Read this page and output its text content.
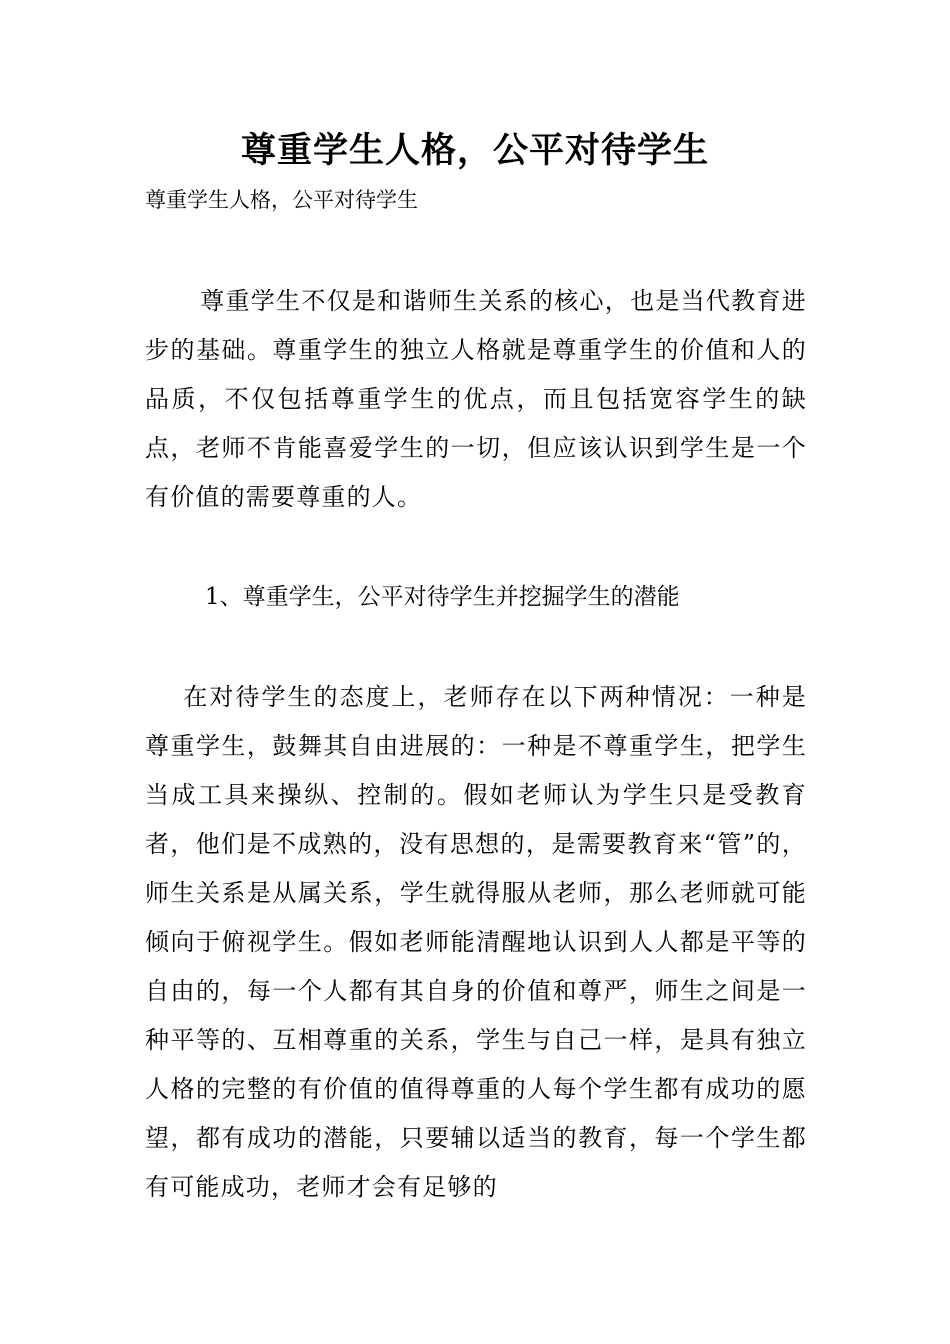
尊重学生人格，公平对待学生
尊重学生人格，公平对待学生

尊重学生不仅是和谐师生关系的核心，也是当代教育进步的基础。尊重学生的独立人格就是尊重学生的价值和人的品质，不仅包括尊重学生的优点，而且包括宽容学生的缺点，老师不肯能喜爱学生的一切，但应该认识到学生是一个有价值的需要尊重的人。

1、尊重学生，公平对待学生并挖掘学生的潜能

在对待学生的态度上，老师存在以下两种情况：一种是尊重学生，鼓舞其自由进展的：一种是不尊重学生，把学生当成工具来操纵、控制的。假如老师认为学生只是受教育者，他们是不成熟的，没有思想的，是需要教育来“管”的，师生关系是从属关系，学生就得服从老师，那么老师就可能倾向于俯视学生。假如老师能清醒地认识到人人都是平等的自由的，每一个人都有其自身的价值和尊严，师生之间是一种平等的、互相尊重的关系，学生与自己一样，是具有独立人格的完整的有价值的值得尊重的人每个学生都有成功的愿望，都有成功的潜能，只要辅以适当的教育，每一个学生都有可能成功，老师才会有足够的
